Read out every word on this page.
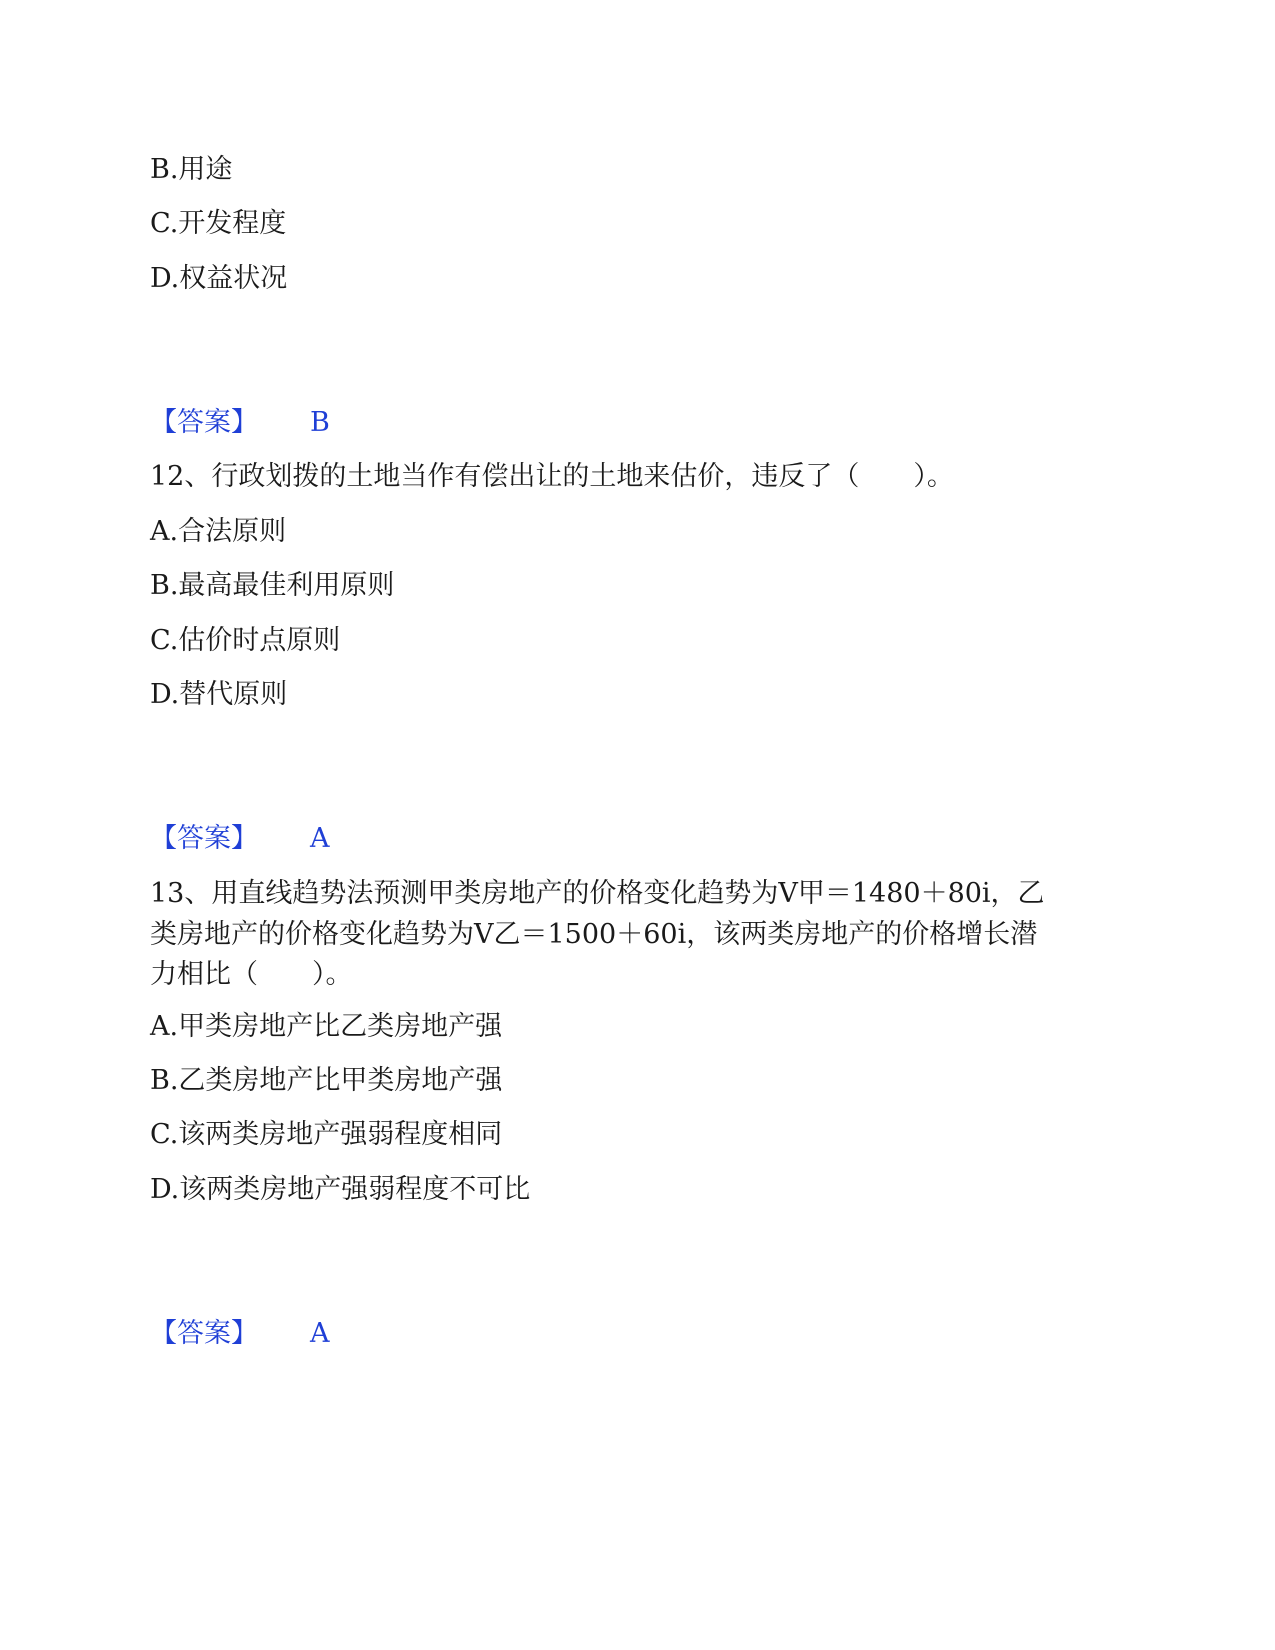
B.用途
C.开发程度
D.权益状况
【答案】 B
12、行政划拨的土地当作有偿出让的土地来估价，违反了（　　）。
A.合法原则
B.最高最佳利用原则
C.估价时点原则
D.替代原则
【答案】 A
13、用直线趋势法预测甲类房地产的价格变化趋势为V甲＝1480＋80i，乙
类房地产的价格变化趋势为V乙＝1500＋60i，该两类房地产的价格增长潜
力相比（　　）。
A.甲类房地产比乙类房地产强
B.乙类房地产比甲类房地产强
C.该两类房地产强弱程度相同
D.该两类房地产强弱程度不可比
【答案】 A
